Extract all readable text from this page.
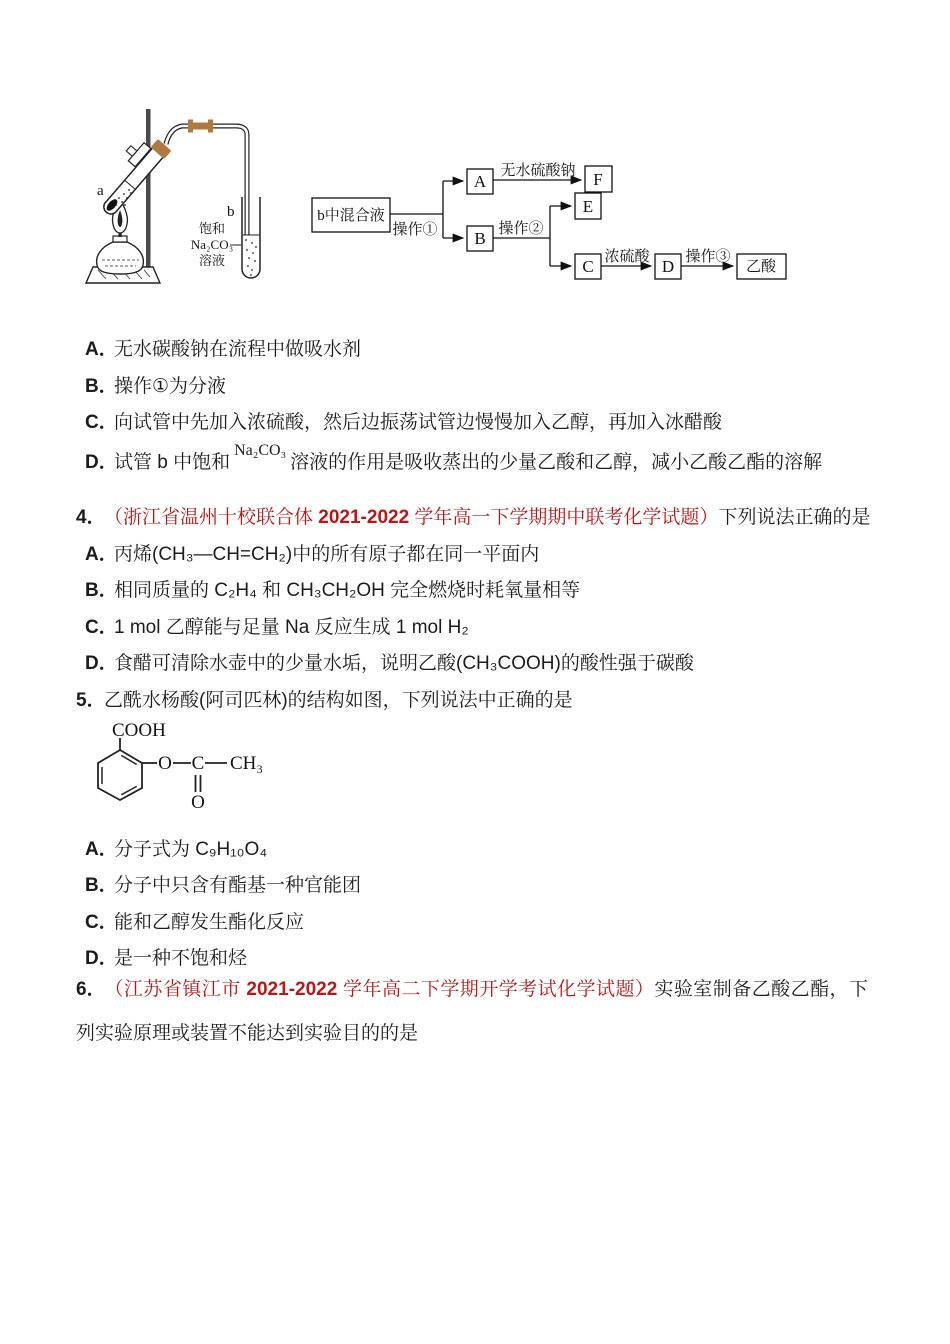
a
b
饱和
Na₂CO₃
溶液
b中混合液
A	F
B
E
C	D	乙酸
操作①	操作②
操作③
无水硫酸钠
浓硫酸
A．无水碳酸钠在流程中做吸水剂
B．操作①为分液
C．向试管中先加入浓硫酸，然后边振荡试管边慢慢加入乙醇，再加入冰醋酸
D．试管 b 中饱和$^{Na_2CO_3}$溶液的作用是吸收蒸出的少量乙酸和乙醇，减小乙酸乙酯的溶解
4．（浙江省温州十校联合体 2021-2022 学年高一下学期期中联考化学试题）下列说法正确的是
A．丙烯(CH₃—CH=CH₂)中的所有原子都在同一平面内
B．相同质量的 C₂H₄ 和 CH₃CH₂OH 完全燃烧时耗氧量相等
C．1 mol 乙醇能与足量 Na 反应生成 1 mol H₂
D．食醋可清除水壶中的少量水垢，说明乙酸(CH₃COOH)的酸性强于碳酸
5．乙酰水杨酸(阿司匹林)的结构如图，下列说法中正确的是
COOH
O C CH₃
O
A．分子式为 C₉H₁₀O₄
B．分子中只含有酯基一种官能团
C．能和乙醇发生酯化反应
D．是一种不饱和烃
6．（江苏省镇江市 2021-2022 学年高二下学期开学考试化学试题）实验室制备乙酸乙酯，下列实验原理或装置不能达到实验目的的是
